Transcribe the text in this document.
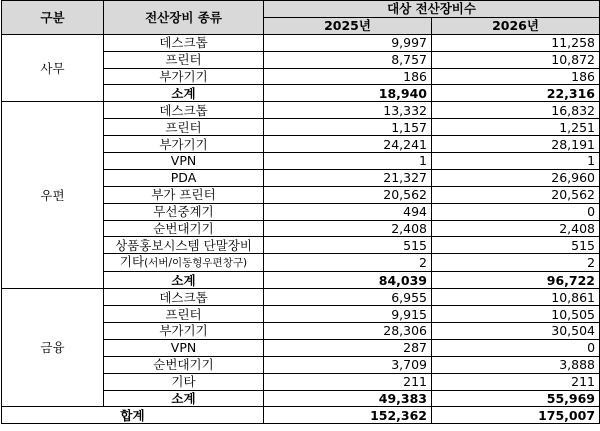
구분	전산장비 종류	대상 전산장비수	
		2025년	2026년
사무	데스크톱	9,997	11,258
	프린터	8,757	10,872
	부가기기	186	186
	소계	18,940	22,316
우편	데스크톱	13,332	16,832
	프린터	1,157	1,251
	부가기기	24,241	28,191
	VPN	1	1
	PDA	21,327	26,960
	부가 프린터	20,562	20,562
	무선중계기	494	0
	순번대기기	2,408	2,408
	상품홍보시스템 단말장비	515	515
	기타(서버/이동형우편창구)	2	2
	소계	84,039	96,722
금융	데스크톱	6,955	10,861
	프린터	9,915	10,505
	부가기기	28,306	30,504
	VPN	287	0
	순번대기기	3,709	3,888
	기타	211	211
	소계	49,383	55,969
합계		152,362	175,007
